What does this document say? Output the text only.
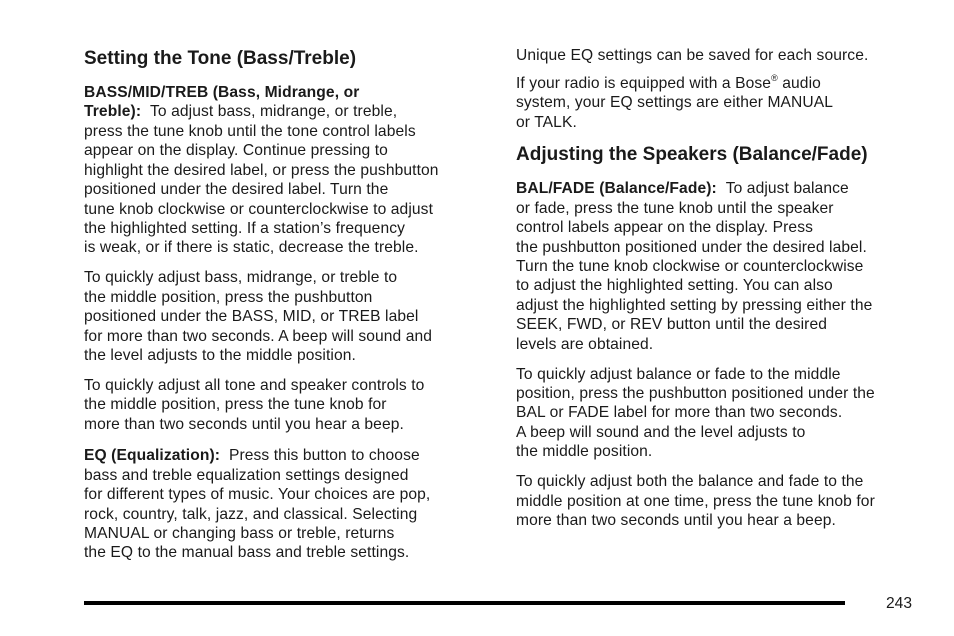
Setting the Tone (Bass/Treble)
BASS/MID/TREB (Bass, Midrange, or
Treble): To adjust bass, midrange, or treble,
press the tune knob until the tone control labels
appear on the display. Continue pressing to
highlight the desired label, or press the pushbutton
positioned under the desired label. Turn the
tune knob clockwise or counterclockwise to adjust
the highlighted setting. If a station’s frequency
is weak, or if there is static, decrease the treble.
To quickly adjust bass, midrange, or treble to
the middle position, press the pushbutton
positioned under the BASS, MID, or TREB label
for more than two seconds. A beep will sound and
the level adjusts to the middle position.
To quickly adjust all tone and speaker controls to
the middle position, press the tune knob for
more than two seconds until you hear a beep.
EQ (Equalization): Press this button to choose
bass and treble equalization settings designed
for different types of music. Your choices are pop,
rock, country, talk, jazz, and classical. Selecting
MANUAL or changing bass or treble, returns
the EQ to the manual bass and treble settings.
Unique EQ settings can be saved for each source.
If your radio is equipped with a Bose® audio
system, your EQ settings are either MANUAL
or TALK.
Adjusting the Speakers (Balance/Fade)
BAL/FADE (Balance/Fade): To adjust balance
or fade, press the tune knob until the speaker
control labels appear on the display. Press
the pushbutton positioned under the desired label.
Turn the tune knob clockwise or counterclockwise
to adjust the highlighted setting. You can also
adjust the highlighted setting by pressing either the
SEEK, FWD, or REV button until the desired
levels are obtained.
To quickly adjust balance or fade to the middle
position, press the pushbutton positioned under the
BAL or FADE label for more than two seconds.
A beep will sound and the level adjusts to
the middle position.
To quickly adjust both the balance and fade to the
middle position at one time, press the tune knob for
more than two seconds until you hear a beep.
243
